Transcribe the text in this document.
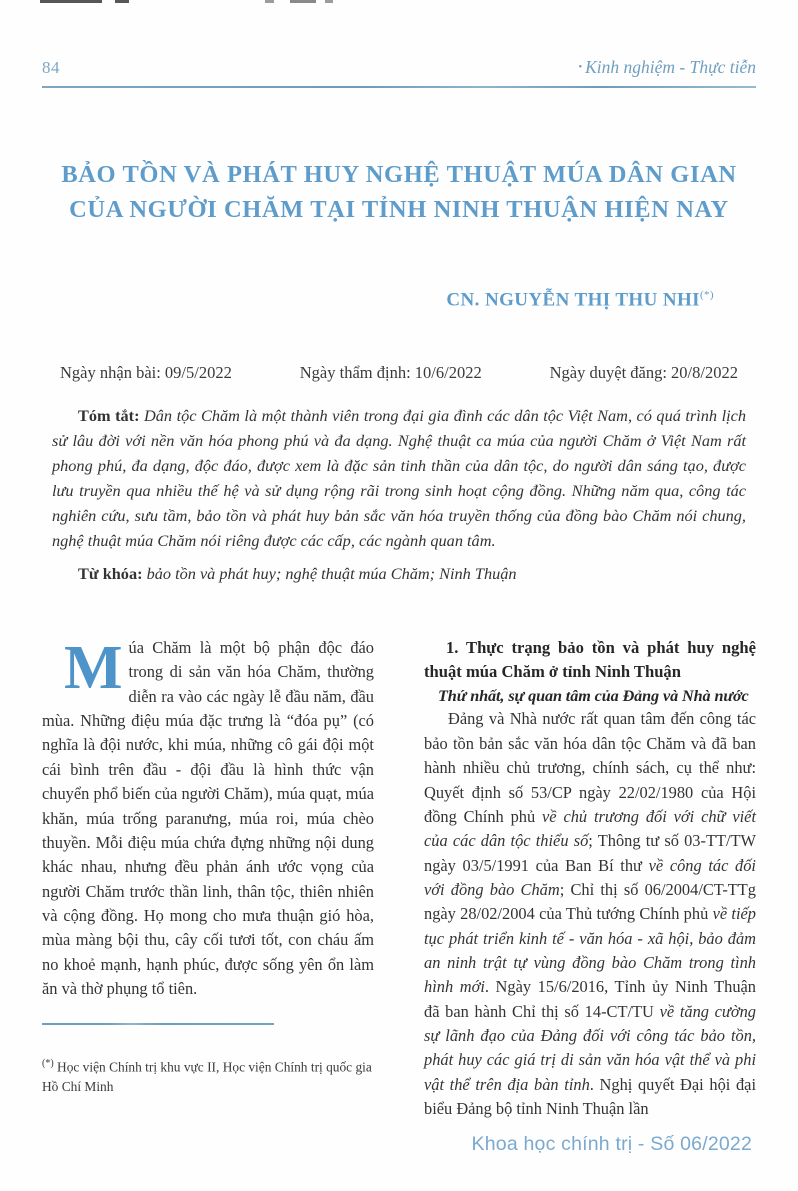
84	• Kinh nghiệm - Thực tiễn
BẢO TỒN VÀ PHÁT HUY NGHỆ THUẬT MÚA DÂN GIAN
CỦA NGƯỜI CHĂM TẠI TỈNH NINH THUẬN HIỆN NAY
CN. NGUYỄN THỊ THU NHI(*)
Ngày nhận bài: 09/5/2022	Ngày thẩm định: 10/6/2022	Ngày duyệt đăng: 20/8/2022

Tóm tắt: Dân tộc Chăm là một thành viên trong đại gia đình các dân tộc Việt Nam, có quá trình lịch sử lâu đời với nền văn hóa phong phú và đa dạng. Nghệ thuật ca múa của người Chăm ở Việt Nam rất phong phú, đa dạng, độc đáo, được xem là đặc sản tinh thần của dân tộc, do người dân sáng tạo, được lưu truyền qua nhiều thế hệ và sử dụng rộng rãi trong sinh hoạt cộng đồng. Những năm qua, công tác nghiên cứu, sưu tầm, bảo tồn và phát huy bản sắc văn hóa truyền thống của đồng bào Chăm nói chung, nghệ thuật múa Chăm nói riêng được các cấp, các ngành quan tâm.

Từ khóa: bảo tồn và phát huy; nghệ thuật múa Chăm; Ninh Thuận

Múa Chăm là một bộ phận độc đáo trong di sản văn hóa Chăm, thường diễn ra vào các ngày lễ đầu năm, đầu mùa. Những điệu múa đặc trưng là “đóa pụ” (có nghĩa là đội nước, khi múa, những cô gái đội một cái bình trên đầu - đội đầu là hình thức vận chuyển phổ biến của người Chăm), múa quạt, múa khăn, múa trống paranưng, múa roi, múa chèo thuyền. Mỗi điệu múa chứa đựng những nội dung khác nhau, nhưng đều phản ánh ước vọng của người Chăm trước thần linh, thân tộc, thiên nhiên và cộng đồng. Họ mong cho mưa thuận gió hòa, mùa màng bội thu, cây cối tươi tốt, con cháu ấm no khoẻ mạnh, hạnh phúc, được sống yên ổn làm ăn và thờ phụng tổ tiên.

1. Thực trạng bảo tồn và phát huy nghệ thuật múa Chăm ở tỉnh Ninh Thuận
Thứ nhất, sự quan tâm của Đảng và Nhà nước

Đảng và Nhà nước rất quan tâm đến công tác bảo tồn bản sắc văn hóa dân tộc Chăm và đã ban hành nhiều chủ trương, chính sách, cụ thể như: Quyết định số 53/CP ngày 22/02/1980 của Hội đồng Chính phủ về chủ trương đối với chữ viết của các dân tộc thiểu số; Thông tư số 03-TT/TW ngày 03/5/1991 của Ban Bí thư về công tác đối với đồng bào Chăm; Chỉ thị số 06/2004/CT-TTg ngày 28/02/2004 của Thủ tướng Chính phủ về tiếp tục phát triển kinh tế - văn hóa - xã hội, bảo đảm an ninh trật tự vùng đồng bào Chăm trong tình hình mới. Ngày 15/6/2016, Tỉnh ủy Ninh Thuận đã ban hành Chỉ thị số 14-CT/TU về tăng cường sự lãnh đạo của Đảng đối với công tác bảo tồn, phát huy các giá trị di sản văn hóa vật thể và phi vật thể trên địa bàn tỉnh. Nghị quyết Đại hội đại biểu Đảng bộ tỉnh Ninh Thuận lần

(*) Học viện Chính trị khu vực II, Học viện Chính trị quốc gia Hồ Chí Minh

Khoa học chính trị - Số 06/2022
